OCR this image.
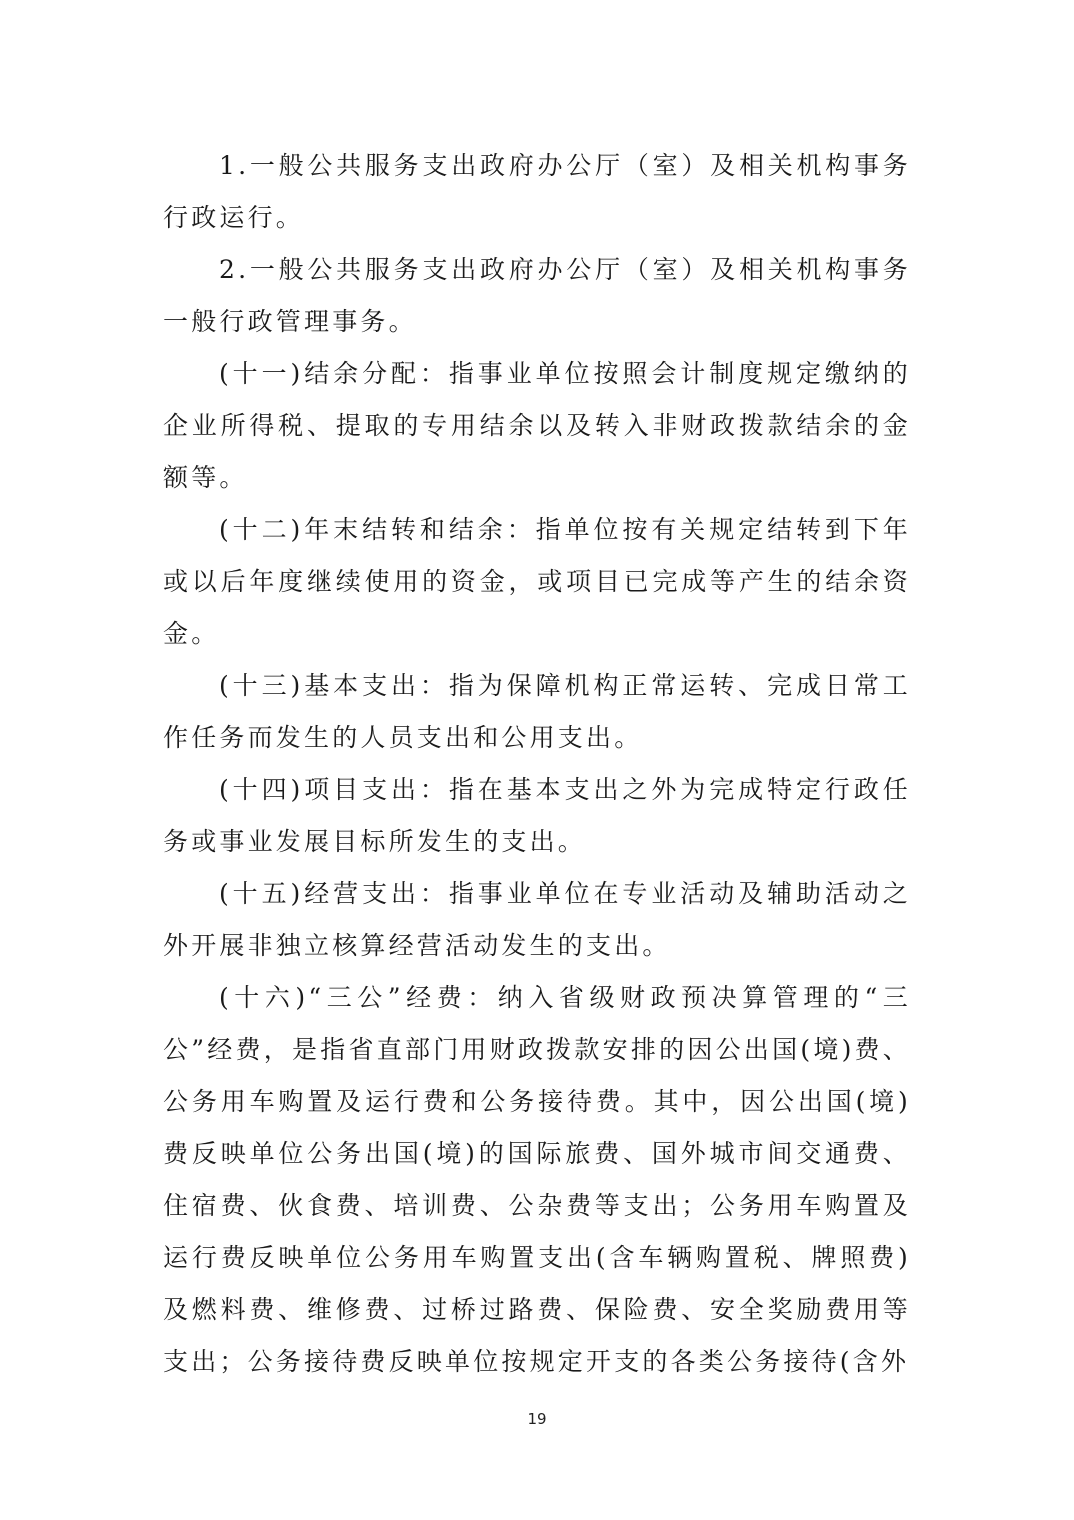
1.一般公共服务支出政府办公厅（室）及相关机构事务行政运行。

2.一般公共服务支出政府办公厅（室）及相关机构事务一般行政管理事务。

(十一)结余分配：指事业单位按照会计制度规定缴纳的企业所得税、提取的专用结余以及转入非财政拨款结余的金额等。

(十二)年末结转和结余：指单位按有关规定结转到下年或以后年度继续使用的资金，或项目已完成等产生的结余资金。

(十三)基本支出：指为保障机构正常运转、完成日常工作任务而发生的人员支出和公用支出。

(十四)项目支出：指在基本支出之外为完成特定行政任务或事业发展目标所发生的支出。

(十五)经营支出：指事业单位在专业活动及辅助活动之外开展非独立核算经营活动发生的支出。

(十六)“三公”经费：纳入省级财政预决算管理的“三公”经费，是指省直部门用财政拨款安排的因公出国(境)费、公务用车购置及运行费和公务接待费。其中，因公出国(境)费反映单位公务出国(境)的国际旅费、国外城市间交通费、住宿费、伙食费、培训费、公杂费等支出；公务用车购置及运行费反映单位公务用车购置支出(含车辆购置税、牌照费)及燃料费、维修费、过桥过路费、保险费、安全奖励费用等支出；公务接待费反映单位按规定开支的各类公务接待(含外

19
